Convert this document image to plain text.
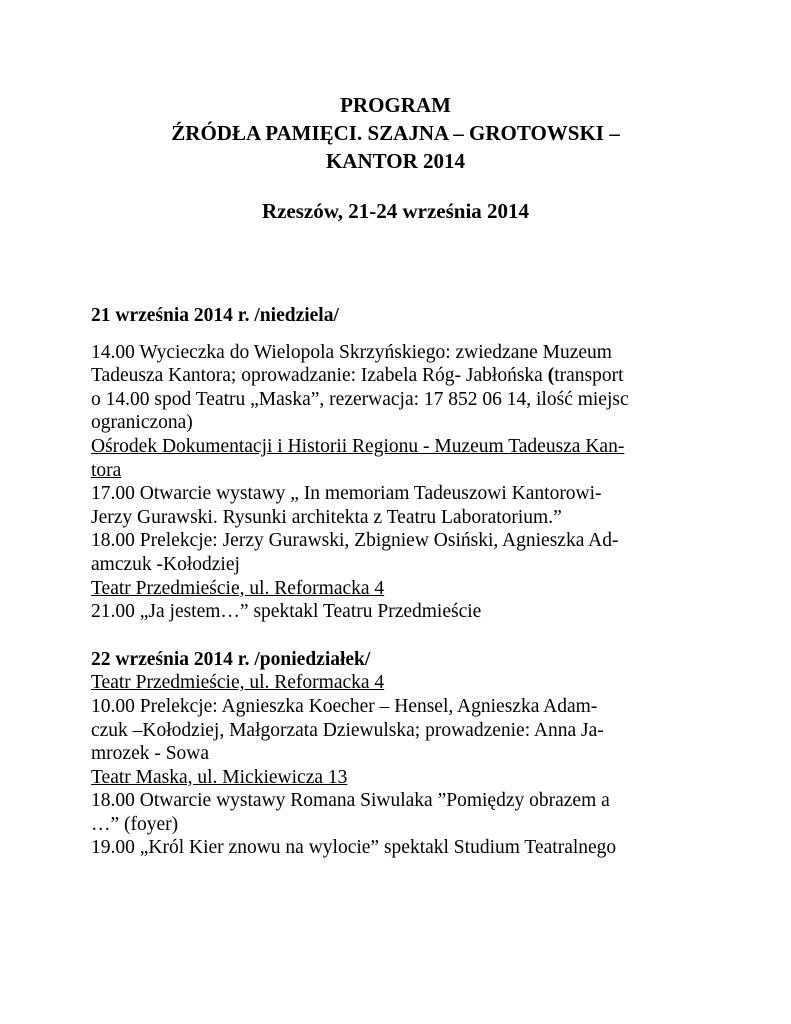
PROGRAM

ŹRÓDŁA PAMIĘCI. SZAJNA – GROTOWSKI –

KANTOR 2014

Rzeszów, 21-24 września 2014

21 września 2014 r. /niedziela/

14.00 Wycieczka do Wielopola Skrzyńskiego: zwiedzane Muzeum

Tadeusza Kantora; oprowadzanie: Izabela Róg- Jabłońska (transport

o 14.00 spod Teatru „Maska”, rezerwacja: 17 852 06 14, ilość miejsc

ograniczona)

Ośrodek Dokumentacji i Historii Regionu - Muzeum Tadeusza Kan-

tora

17.00 Otwarcie wystawy „ In memoriam Tadeuszowi Kantorowi-

Jerzy Gurawski. Rysunki architekta z Teatru Laboratorium.”

18.00 Prelekcje: Jerzy Gurawski, Zbigniew Osiński, Agnieszka Ad-

amczuk -Kołodziej

Teatr Przedmieście, ul. Reformacka 4

21.00 „Ja jestem…” spektakl Teatru Przedmieście

22 września 2014 r. /poniedziałek/

Teatr Przedmieście, ul. Reformacka 4

10.00 Prelekcje: Agnieszka Koecher – Hensel, Agnieszka Adam-

czuk –Kołodziej, Małgorzata Dziewulska; prowadzenie: Anna Ja-

mrozek - Sowa

Teatr Maska, ul. Mickiewicza 13

18.00 Otwarcie wystawy Romana Siwulaka ”Pomiędzy obrazem a

…” (foyer)

19.00 „Król Kier znowu na wylocie” spektakl Studium Teatralnego
